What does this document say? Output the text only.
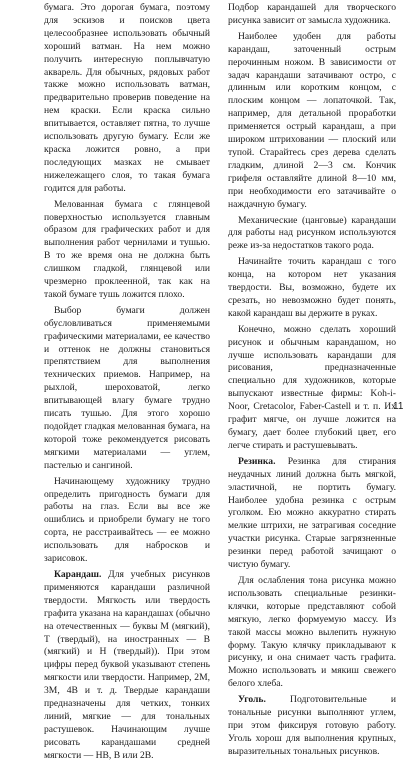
бумага. Это дорогая бумага, поэтому для эскизов и поисков цвета целесообразнее использовать обычный хороший ватман. На нем можно получить интересную поплывчатую акварель. Для обычных, рядовых работ также можно использовать ватман, предварительно проверив поведение на нем краски. Если краска сильно впитывается, оставляет пятна, то лучше использовать другую бумагу. Если же краска ложится ровно, а при последующих мазках не смывает нижележащего слоя, то такая бумага годится для работы.

Мелованная бумага с глянцевой поверхностью используется главным образом для графических работ и для выполнения работ чернилами и тушью. В то же время она не должна быть слишком гладкой, глянцевой или чрезмерно проклеенной, так как на такой бумаге тушь ложится плохо.

Выбор бумаги должен обусловливаться применяемыми графическими материалами, ее качество и оттенок не должны становиться препятствием для выполнения технических приемов. Например, на рыхлой, шероховатой, легко впитывающей влагу бумаге трудно писать тушью. Для этого хорошо подойдет гладкая мелованная бумага, на которой тоже рекомендуется рисовать мягкими материалами — углем, пастелью и сангиной.

Начинающему художнику трудно определить пригодность бумаги для работы на глаз. Если вы все же ошиблись и приобрели бумагу не того сорта, не расстраивайтесь — ее можно использовать для набросков и зарисовок.

Карандаш. Для учебных рисунков применяются карандаши различной твердости. Мягкость или твердость графита указана на карандашах (обычно на отечественных — буквы М (мягкий), Т (твердый), на иностранных — B (мягкий) и H (твердый)). При этом цифры перед буквой указывают степень мягкости или твердости. Например, 2М, 3М, 4B и т. д. Твердые карандаши предназначены для четких, тонких линий, мягкие — для тональных растушевок. Начинающим лучше рисовать карандашами средней мягкости — НВ, В или 2В.

Подбор карандашей для творческого рисунка зависит от замысла художника.

Наиболее удобен для работы карандаш, заточенный острым перочинным ножом. В зависимости от задач карандаши затачивают остро, с длинным или коротким концом, с плоским концом — лопаточкой. Так, например, для детальной проработки применяется острый карандаш, а при широком штриховании — плоский или тупой. Старайтесь срез дерева сделать гладким, длиной 2—3 см. Кончик грифеля оставляйте длиной 8—10 мм, при необходимости его затачивайте о наждачную бумагу.

Механические (цанговые) карандаши для работы над рисунком используются реже из-за недостатков такого рода.

Начинайте точить карандаш с того конца, на котором нет указания твердости. Вы, возможно, будете их срезать, но невозможно будет понять, какой карандаш вы держите в руках.

Конечно, можно сделать хороший рисунок и обычным карандашом, но лучше использовать карандаши для рисования, предназначенные специально для художников, которые выпускают известные фирмы: Koh-i-Noor, Cretacolor, Faber-Castell и т. п. Их графит мягче, он лучше ложится на бумагу, дает более глубокий цвет, его легче стирать и растушевывать.

Резинка. Резинка для стирания неудачных линий должна быть мягкой, эластичной, не портить бумагу. Наиболее удобна резинка с острым уголком. Ею можно аккуратно стирать мелкие штрихи, не затрагивая соседние участки рисунка. Старые загрязненные резинки перед работой зачищают о чистую бумагу.

Для ослабления тона рисунка можно использовать специальные резинки-клячки, которые представляют собой мягкую, легко формуемую массу. Из такой массы можно вылепить нужную форму. Такую клячку прикладывают к рисунку, и она снимает часть графита. Можно использовать и мякиш свежего белого хлеба.

Уголь. Подготовительные и тональные рисунки выполняют углем, при этом фиксируя готовую работу. Уголь хорош для выполнения крупных, выразительных тональных рисунков.

11
